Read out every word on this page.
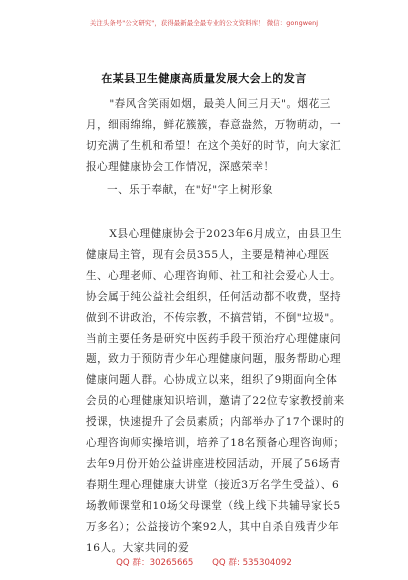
关注头条号"公文研究"，获得最新最全最专业的公文资料库！ 微信：gongwenj
在某县卫生健康高质量发展大会上的发言

"春风含笑雨如烟，最美人间三月天"。烟花三月，细雨绵绵，鲜花簇簇，春意盎然，万物萌动，一切充满了生机和希望！在这个美好的时节，向大家汇报心理健康协会工作情况，深感荣幸！

一、乐于奉献，在"好"字上树形象

X县心理健康协会于2023年6月成立，由县卫生健康局主管，现有会员355人，主要是精神心理医生、心理老师、心理咨询师、社工和社会爱心人士。协会属于纯公益社会组织，任何活动都不收费，坚持做到不讲政治，不传宗教，不搞营销，不倒"垃圾"。当前主要任务是研究中医药手段干预治疗心理健康问题，致力于预防青少年心理健康问题，服务帮助心理健康问题人群。心协成立以来，组织了9期面向全体会员的心理健康知识培训，邀请了22位专家教授前来授课，快速提升了会员素质；内部举办了17个课时的心理咨询师实操培训，培养了18名预备心理咨询师；去年9月份开始公益讲座进校园活动，开展了56场青春期生理心理健康大讲堂（接近3万名学生受益）、6场教师课堂和10场父母课堂（线上线下共辅导家长5万多名）；公益接访个案92人，其中自杀自残青少年16人。大家共同的爱

QQ 群：30265665 QQ 群: 535304092
